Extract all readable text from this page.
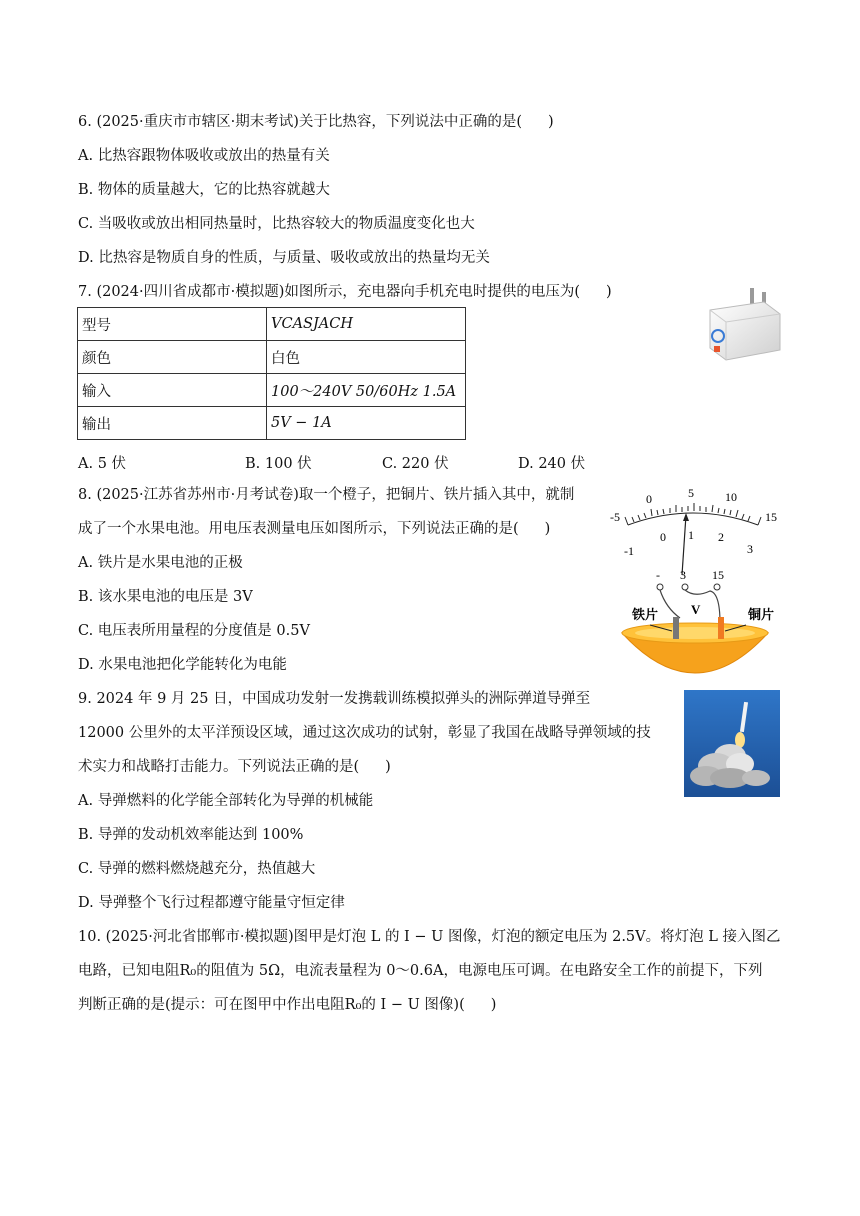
6. (2025·重庆市市辖区·期末考试)关于比热容，下列说法中正确的是( )
A. 比热容跟物体吸收或放出的热量有关
B. 物体的质量越大，它的比热容就越大
C. 当吸收或放出相同热量时，比热容较大的物质温度变化也大
D. 比热容是物质自身的性质，与质量、吸收或放出的热量均无关
7. (2024·四川省成都市·模拟题)如图所示，充电器向手机充电时提供的电压为( )
型号	VCASJACH
颜色	白色
输入	100～240V 50/60Hz 1.5A
输出	5V − 1A
A. 5 伏	B. 100 伏	C. 220 伏	D. 240 伏
8. (2025·江苏省苏州市·月考试卷)取一个橙子，把铜片、铁片插入其中，就制
成了一个水果电池。用电压表测量电压如图所示，下列说法正确的是( )
A. 铁片是水果电池的正极
B. 该水果电池的电压是 3V
C. 电压表所用量程的分度值是 0.5V
D. 水果电池把化学能转化为电能
-5
0	5	10
15
-1
0 1 2
3
- 3 15
V
铁片	铜片
9. 2024 年 9 月 25 日，中国成功发射一发携载训练模拟弹头的洲际弹道导弹至
12000 公里外的太平洋预设区域，通过这次成功的试射，彰显了我国在战略导弹领域的技
术实力和战略打击能力。下列说法正确的是( )
A. 导弹燃料的化学能全部转化为导弹的机械能
B. 导弹的发动机效率能达到 100%
C. 导弹的燃料燃烧越充分，热值越大
D. 导弹整个飞行过程都遵守能量守恒定律
10. (2025·河北省邯郸市·模拟题)图甲是灯泡 L 的 I − U 图像，灯泡的额定电压为 2.5V。将灯泡 L 接入图乙
电路，已知电阻R₀的阻值为 5Ω，电流表量程为 0～0.6A，电源电压可调。在电路安全工作的前提下，下列
判断正确的是(提示：可在图甲中作出电阻R₀的 I − U 图像)( )
